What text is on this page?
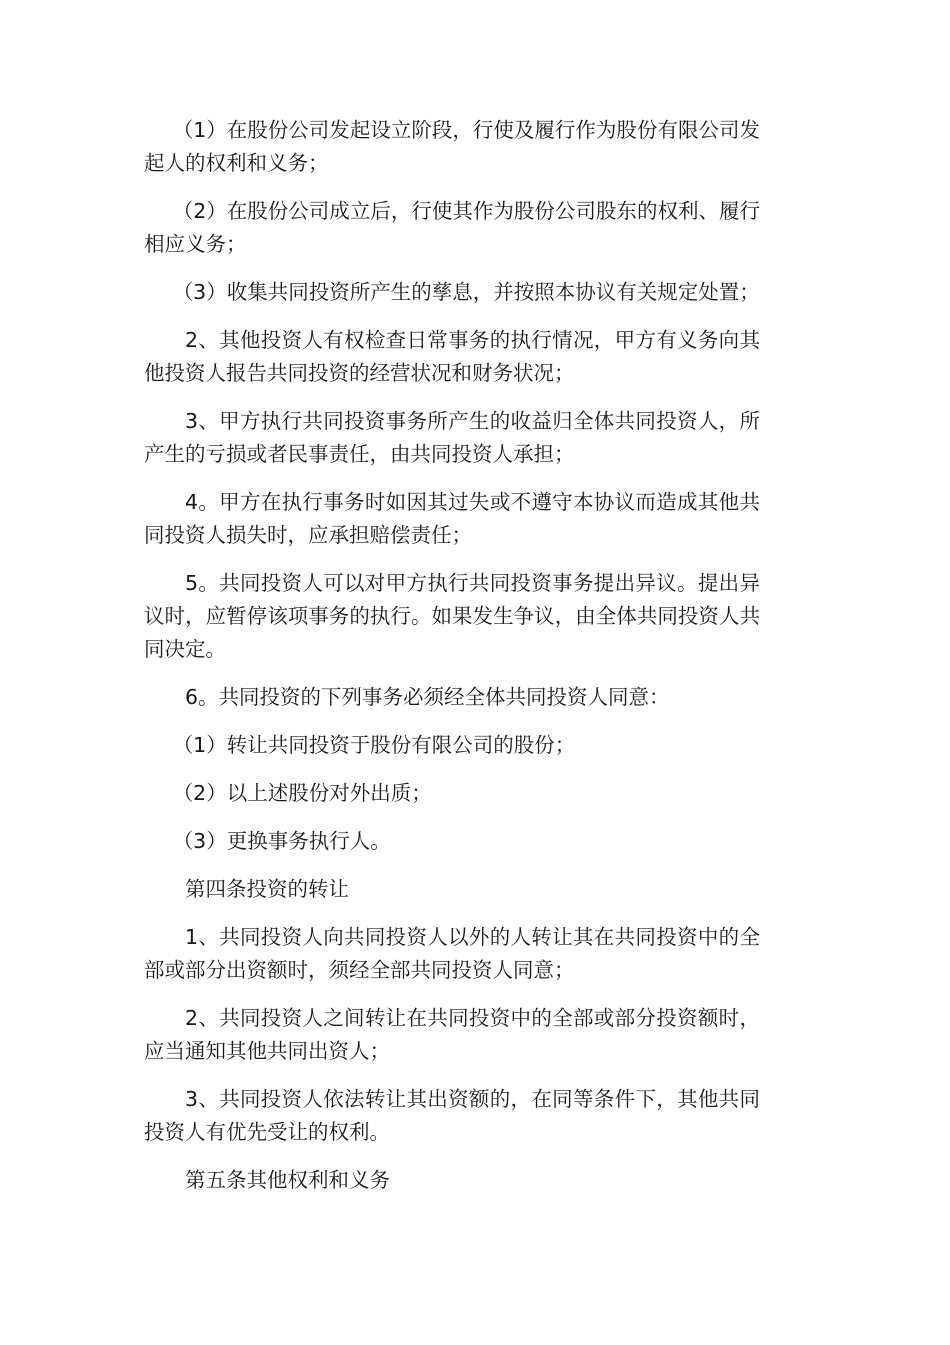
（1）在股份公司发起设立阶段，行使及履行作为股份有限公司发起人的权利和义务；

（2）在股份公司成立后，行使其作为股份公司股东的权利、履行相应义务；

（3）收集共同投资所产生的孳息，并按照本协议有关规定处置；

2、其他投资人有权检查日常事务的执行情况，甲方有义务向其他投资人报告共同投资的经营状况和财务状况；

3、甲方执行共同投资事务所产生的收益归全体共同投资人，所产生的亏损或者民事责任，由共同投资人承担；

4。甲方在执行事务时如因其过失或不遵守本协议而造成其他共同投资人损失时，应承担赔偿责任；

5。共同投资人可以对甲方执行共同投资事务提出异议。提出异议时，应暂停该项事务的执行。如果发生争议，由全体共同投资人共同决定。

6。共同投资的下列事务必须经全体共同投资人同意：

（1）转让共同投资于股份有限公司的股份；

（2）以上述股份对外出质；

（3）更换事务执行人。

第四条投资的转让

1、共同投资人向共同投资人以外的人转让其在共同投资中的全部或部分出资额时，须经全部共同投资人同意；

2、共同投资人之间转让在共同投资中的全部或部分投资额时，应当通知其他共同出资人；

3、共同投资人依法转让其出资额的，在同等条件下，其他共同投资人有优先受让的权利。

第五条其他权利和义务
